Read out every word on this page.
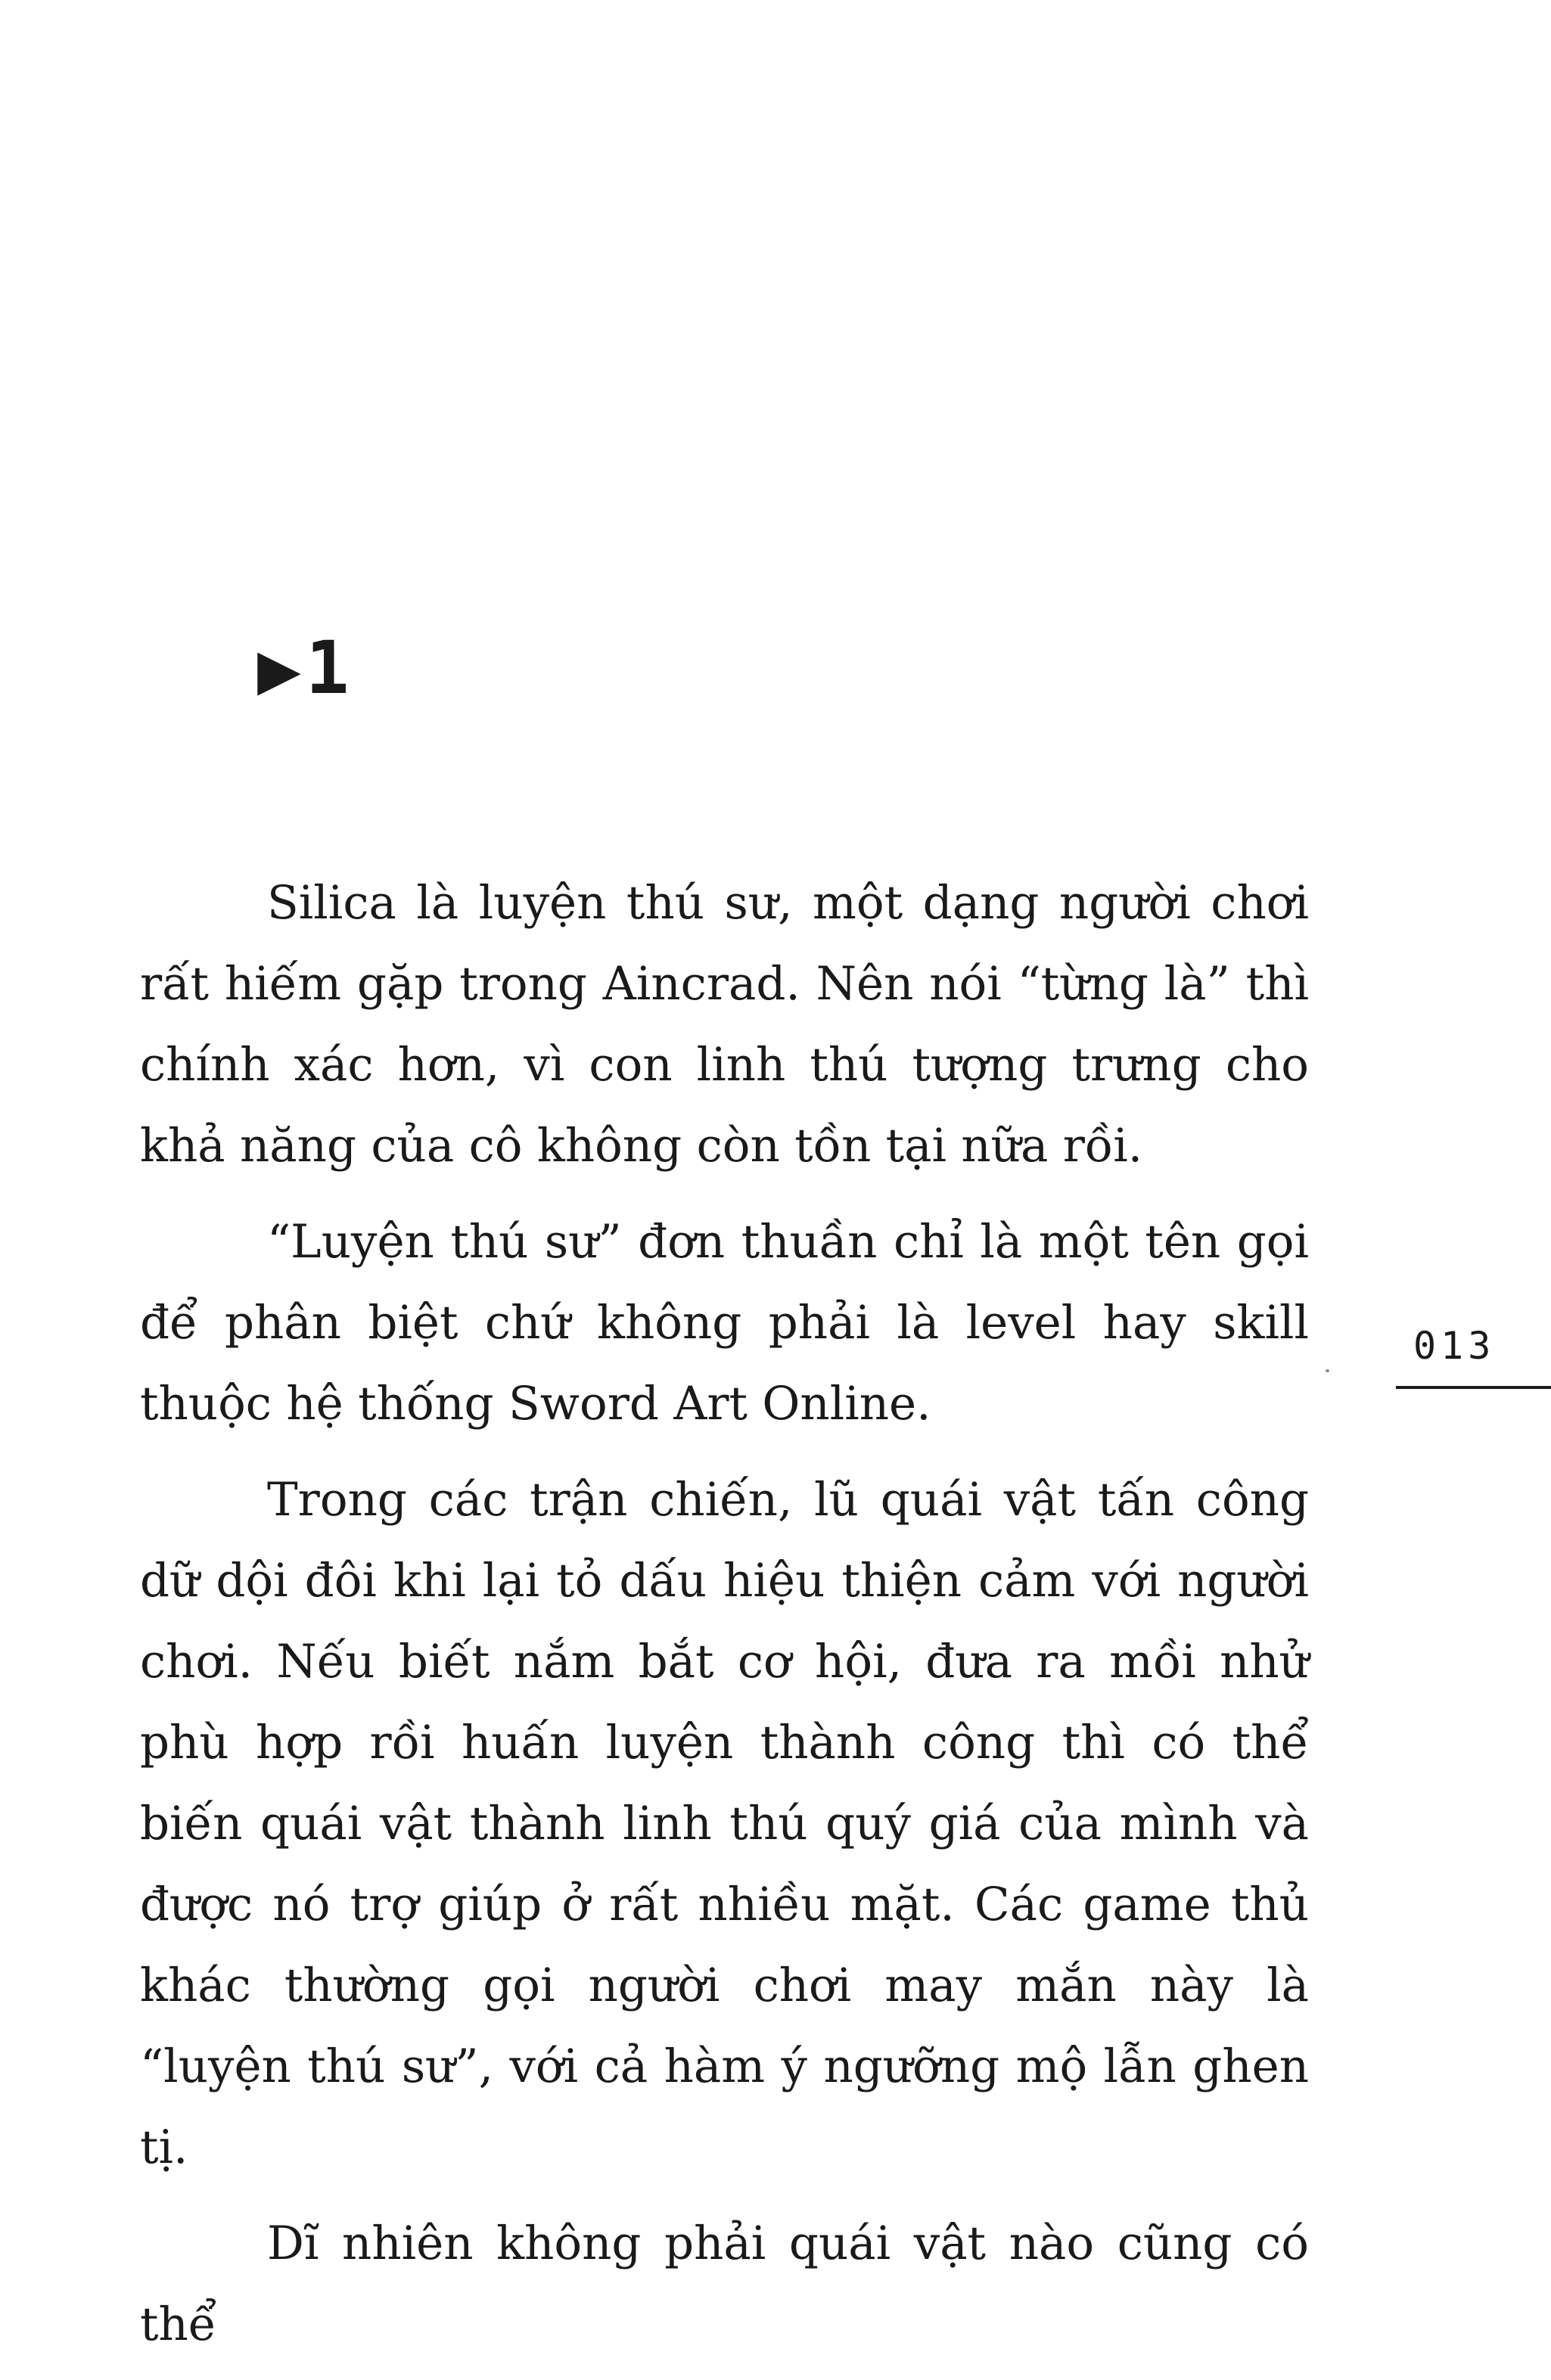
▶1

Silica là luyện thú sư, một dạng người chơi rất hiếm gặp trong Aincrad. Nên nói “từng là” thì chính xác hơn, vì con linh thú tượng trưng cho khả năng của cô không còn tồn tại nữa rồi.

“Luyện thú sư” đơn thuần chỉ là một tên gọi để phân biệt chứ không phải là level hay skill thuộc hệ thống Sword Art Online.

Trong các trận chiến, lũ quái vật tấn công dữ dội đôi khi lại tỏ dấu hiệu thiện cảm với người chơi. Nếu biết nắm bắt cơ hội, đưa ra mồi nhử phù hợp rồi huấn luyện thành công thì có thể biến quái vật thành linh thú quý giá của mình và được nó trợ giúp ở rất nhiều mặt. Các game thủ khác thường gọi người chơi may mắn này là “luyện thú sư”, với cả hàm ý ngưỡng mộ lẫn ghen tị.

Dĩ nhiên không phải quái vật nào cũng có thể

013
